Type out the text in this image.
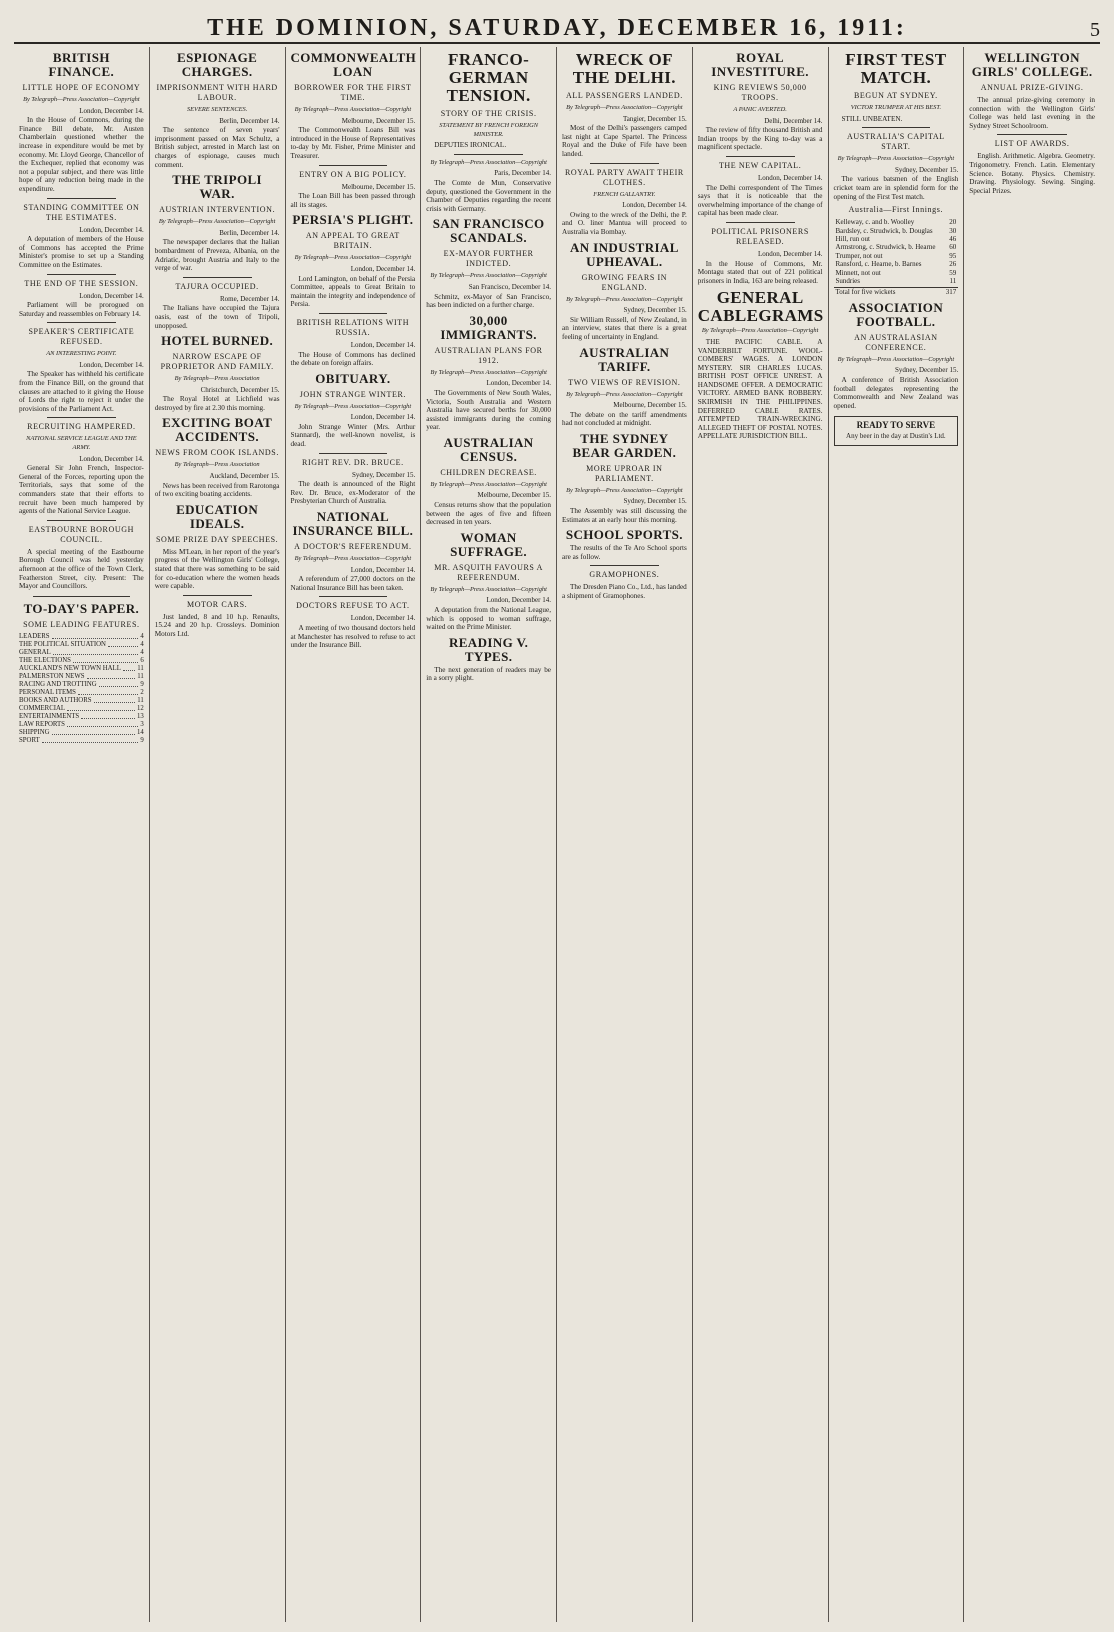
THE DOMINION, SATURDAY, DECEMBER 16, 1911:	5
BRITISH FINANCE.
LITTLE HOPE OF ECONOMY
By Telegraph—Press Association—Copyright
London, December 14.

In the House of Commons, during the Finance Bill debate, Mr. Austen Chamberlain questioned whether the increase in expenditure would be met by economy. Mr. Lloyd George, Chancellor of the Exchequer, replied that economy was not a popular subject, and there was little hope of any reduction being made in the expenditure.

STANDING COMMITTEE ON THE ESTIMATES.
London, December 14.

A deputation of members of the House of Commons has accepted the Prime Minister's promise to set up a Standing Committee on the Estimates.

THE END OF THE SESSION.
London, December 14.

Parliament will be prorogued on Saturday and reassembles on February 14.

SPEAKER'S CERTIFICATE REFUSED.
AN INTERESTING POINT.
London, December 14.

The Speaker has withheld his certificate from the Finance Bill, on the ground that clauses are attached to it giving the House of Lords the right to reject it under the provisions of the Parliament Act.

RECRUITING HAMPERED.
NATIONAL SERVICE LEAGUE AND THE ARMY.
London, December 14.

General Sir John French, Inspector-General of the Forces, reporting upon the Territorials, says that some of the commanders state that their efforts to recruit have been much hampered by agents of the National Service League.

EASTBOURNE BOROUGH COUNCIL.

A special meeting of the Eastbourne Borough Council was held yesterday afternoon at the office of the Town Clerk, Featherston Street, city. Present: The Mayor and Councillors.

TO-DAY'S PAPER.
SOME LEADING FEATURES.
LEADERS	4
THE POLITICAL SITUATION	4
GENERAL	4
THE ELECTIONS	6
AUCKLAND'S NEW TOWN HALL 11
PALMERSTON NEWS	11
RACING AND TROTTING	9
PERSONAL ITEMS	2
BOOKS AND AUTHORS	11
COMMERCIAL	12
ENTERTAINMENTS	13
LAW REPORTS	3
SHIPPING	14
SPORT	9
ESPIONAGE CHARGES.
IMPRISONMENT WITH HARD LABOUR.
SEVERE SENTENCES.
Berlin, December 14.

The sentence of seven years' imprisonment passed on Max Schultz, a British subject, arrested in March last on charges of espionage, causes much comment.

THE TRIPOLI WAR.
AUSTRIAN INTERVENTION.
By Telegraph—Press Association—Copyright
Berlin, December 14.

The newspaper declares that the Italian bombardment of Preveza, Albania, on the Adriatic, brought Austria and Italy to the verge of war.

TAJURA OCCUPIED.
Rome, December 14.

The Italians have occupied the Tajura oasis, east of the town of Tripoli, unopposed.

HOTEL BURNED.
NARROW ESCAPE OF PROPRIETOR AND FAMILY.
By Telegraph—Press Association
Christchurch, December 15.

The Royal Hotel at Lichfield was destroyed by fire at 2.30 this morning.

EXCITING BOAT ACCIDENTS.
NEWS FROM COOK ISLANDS.
By Telegraph—Press Association
Auckland, December 15.

News has been received from Rarotonga of two exciting boating accidents.

EDUCATION IDEALS.
SOME PRIZE DAY SPEECHES.

Miss M'Lean, in her report of the year's progress of the Wellington Girls' College, stated that there was something to be said for co-education where the women heads were capable.

MOTOR CARS.

Just landed, 8 and 10 h.p. Renaults, 15.24 and 20 h.p. Crossleys. Dominion Motors Ltd.

COMMONWEALTH LOAN
BORROWER FOR THE FIRST TIME.
By Telegraph—Press Association—Copyright
Melbourne, December 15.

The Commonwealth Loans Bill was introduced in the House of Representatives to-day by Mr. Fisher, Prime Minister and Treasurer.

ENTRY ON A BIG POLICY.
Melbourne, December 15.

The Loan Bill has been passed through all its stages.

PERSIA'S PLIGHT.
AN APPEAL TO GREAT BRITAIN.
By Telegraph—Press Association—Copyright
London, December 14.

Lord Lamington, on behalf of the Persia Committee, appeals to Great Britain to maintain the integrity and independence of Persia.

BRITISH RELATIONS WITH RUSSIA.
London, December 14.

The House of Commons has declined the debate on foreign affairs.

OBITUARY.
JOHN STRANGE WINTER.
By Telegraph—Press Association—Copyright
London, December 14.

John Strange Winter (Mrs. Arthur Stannard), the well-known novelist, is dead.

RIGHT REV. DR. BRUCE.
Sydney, December 15.

The death is announced of the Right Rev. Dr. Bruce, ex-Moderator of the Presbyterian Church of Australia.

NATIONAL INSURANCE BILL.
A DOCTOR'S REFERENDUM.
By Telegraph—Press Association—Copyright
London, December 14.

A referendum of 27,000 doctors on the National Insurance Bill has been taken.

DOCTORS REFUSE TO ACT.
London, December 14.

A meeting of two thousand doctors held at Manchester has resolved to refuse to act under the Insurance Bill.

FRANCO-GERMAN TENSION.
STORY OF THE CRISIS.
STATEMENT BY FRENCH FOREIGN MINISTER.

DEPUTIES IRONICAL.

By Telegraph—Press Association—Copyright
Paris, December 14.

The Comte de Mun, Conservative deputy, questioned the Government in the Chamber of Deputies regarding the recent crisis with Germany.

SAN FRANCISCO SCANDALS.
EX-MAYOR FURTHER INDICTED.
By Telegraph—Press Association—Copyright
San Francisco, December 14.

Schmitz, ex-Mayor of San Francisco, has been indicted on a further charge.

30,000 IMMIGRANTS.
AUSTRALIAN PLANS FOR 1912.
By Telegraph—Press Association—Copyright
London, December 14.

The Governments of New South Wales, Victoria, South Australia and Western Australia have secured berths for 30,000 assisted immigrants during the coming year.

AUSTRALIAN CENSUS.
CHILDREN DECREASE.
By Telegraph—Press Association—Copyright
Melbourne, December 15.

Census returns show that the population between the ages of five and fifteen decreased in ten years.

WOMAN SUFFRAGE.
MR. ASQUITH FAVOURS A REFERENDUM.
By Telegraph—Press Association—Copyright
London, December 14.

A deputation from the National League, which is opposed to woman suffrage, waited on the Prime Minister.

READING V. TYPES.

The next generation of readers may be in a sorry plight.

WRECK OF THE DELHI.
ALL PASSENGERS LANDED.
By Telegraph—Press Association—Copyright
Tangier, December 15.

Most of the Delhi's passengers camped last night at Cape Spartel. The Princess Royal and the Duke of Fife have been landed.

ROYAL PARTY AWAIT THEIR CLOTHES.
FRENCH GALLANTRY.
London, December 14.

Owing to the wreck of the Delhi, the P. and O. liner Mantua will proceed to Australia via Bombay.

AN INDUSTRIAL UPHEAVAL.
GROWING FEARS IN ENGLAND.
By Telegraph—Press Association—Copyright
Sydney, December 15.

Sir William Russell, of New Zealand, in an interview, states that there is a great feeling of uncertainty in England.

AUSTRALIAN TARIFF.
TWO VIEWS OF REVISION.
By Telegraph—Press Association—Copyright
Melbourne, December 15.

The debate on the tariff amendments had not concluded at midnight.

THE SYDNEY BEAR GARDEN.
MORE UPROAR IN PARLIAMENT.
By Telegraph—Press Association—Copyright
Sydney, December 15.

The Assembly was still discussing the Estimates at an early hour this morning.

SCHOOL SPORTS.

The results of the Te Aro School sports are as follow.

GRAMOPHONES.

The Dresden Piano Co., Ltd., has landed a shipment of Gramophones.

ROYAL INVESTITURE.
KING REVIEWS 50,000 TROOPS.
A PANIC AVERTED.
Delhi, December 14.

The review of fifty thousand British and Indian troops by the King to-day was a magnificent spectacle.

THE NEW CAPITAL.
London, December 14.

The Delhi correspondent of The Times says that it is noticeable that the overwhelming importance of the change of capital has been made clear.

POLITICAL PRISONERS RELEASED.
London, December 14.

In the House of Commons, Mr. Montagu stated that out of 221 political prisoners in India, 163 are being released.

GENERAL CABLEGRAMS
By Telegraph—Press Association—Copyright

THE PACIFIC CABLE. A VANDERBILT FORTUNE. WOOL-COMBERS' WAGES. A LONDON MYSTERY. SIR CHARLES LUCAS. BRITISH POST OFFICE UNREST. A HANDSOME OFFER. A DEMOCRATIC VICTORY. ARMED BANK ROBBERY. SKIRMISH IN THE PHILIPPINES. DEFERRED CABLE RATES. ATTEMPTED TRAIN-WRECKING. ALLEGED THEFT OF POSTAL NOTES. APPELLATE JURISDICTION BILL.

FIRST TEST MATCH.
BEGUN AT SYDNEY.
VICTOR TRUMPER AT HIS BEST.

STILL UNBEATEN.

AUSTRALIA'S CAPITAL START.
By Telegraph—Press Association—Copyright
Sydney, December 15.

The various batsmen of the English cricket team are in splendid form for the opening of the First Test match.

Australia—First Innings.
Kelleway, c. and b. Woolley	20
Bardsley, c. Strudwick, b. Douglas 30
Hill, run out	46
Armstrong, c. Strudwick, b. Hearne 60
Trumper, not out	95
Ransford, c. Hearne, b. Barnes	26
Minnett, not out	59
Sundries	11
Total for five wickets	317
ASSOCIATION FOOTBALL.
AN AUSTRALASIAN CONFERENCE.
By Telegraph—Press Association—Copyright
Sydney, December 15.

A conference of British Association football delegates representing the Commonwealth and New Zealand was opened.

READY TO SERVE
Any beer in the day at Dustin's Ltd.
WELLINGTON GIRLS' COLLEGE.
ANNUAL PRIZE-GIVING.

The annual prize-giving ceremony in connection with the Wellington Girls' College was held last evening in the Sydney Street Schoolroom.

LIST OF AWARDS.

English. Arithmetic. Algebra. Geometry. Trigonometry. French. Latin. Elementary Science. Botany. Physics. Chemistry. Drawing. Physiology. Sewing. Singing. Special Prizes.
